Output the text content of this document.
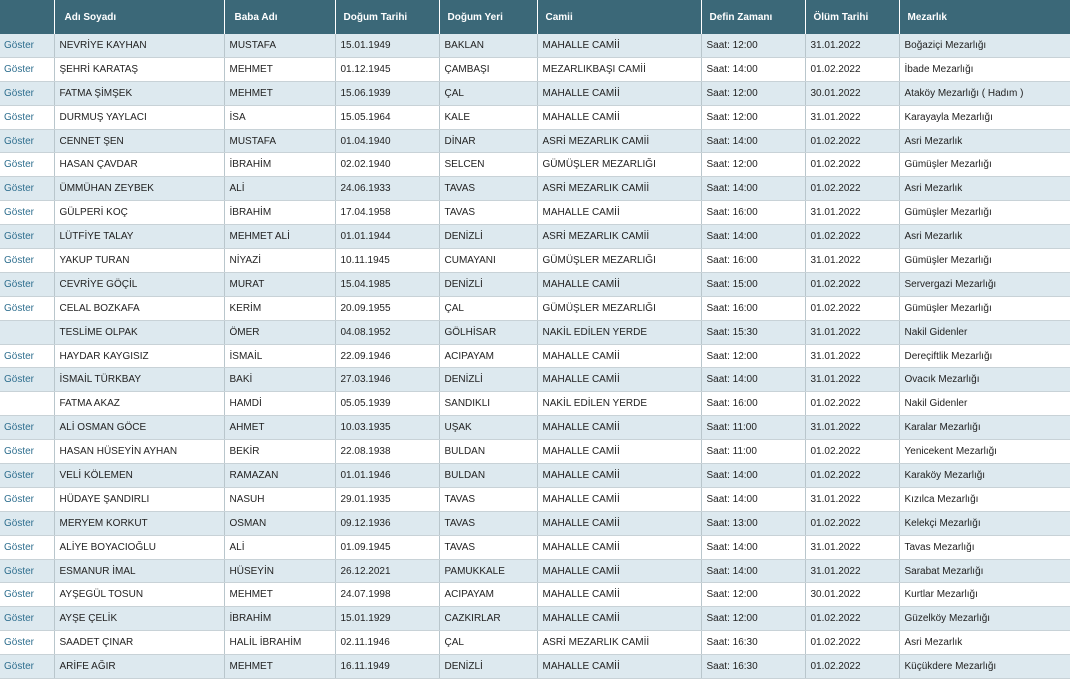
	Adı Soyadı	Baba Adı	Doğum Tarihi	Doğum Yeri	Camii	Defin Zamanı	Ölüm Tarihi	Mezarlık
Göster	NEVRİYE KAYHAN	MUSTAFA	15.01.1949	BAKLAN	MAHALLE CAMİİ	Saat: 12:00	31.01.2022	Boğaziçi Mezarlığı
Göster	ŞEHRİ KARATAŞ	MEHMET	01.12.1945	ÇAMBAŞI	MEZARLIKBAŞI CAMİİ	Saat: 14:00	01.02.2022	İbade Mezarlığı
Göster	FATMA ŞİMŞEK	MEHMET	15.06.1939	ÇAL	MAHALLE CAMİİ	Saat: 12:00	30.01.2022	Ataköy Mezarlığı ( Hadım )
Göster	DURMUŞ YAYLACI	İSA	15.05.1964	KALE	MAHALLE CAMİİ	Saat: 12:00	31.01.2022	Karayayla Mezarlığı
Göster	CENNET ŞEN	MUSTAFA	01.04.1940	DİNAR	ASRİ MEZARLIK CAMİİ	Saat: 14:00	01.02.2022	Asri Mezarlık
Göster	HASAN ÇAVDAR	İBRAHİM	02.02.1940	SELCEN	GÜMÜŞLER MEZARLIĞI	Saat: 12:00	01.02.2022	Gümüşler Mezarlığı
Göster	ÜMMÜHAN ZEYBEK	ALİ	24.06.1933	TAVAS	ASRİ MEZARLIK CAMİİ	Saat: 14:00	01.02.2022	Asri Mezarlık
Göster	GÜLPERİ KOÇ	İBRAHİM	17.04.1958	TAVAS	MAHALLE CAMİİ	Saat: 16:00	31.01.2022	Gümüşler Mezarlığı
Göster	LÜTFİYE TALAY	MEHMET ALİ	01.01.1944	DENİZLİ	ASRİ MEZARLIK CAMİİ	Saat: 14:00	01.02.2022	Asri Mezarlık
Göster	YAKUP TURAN	NİYAZİ	10.11.1945	CUMAYANI	GÜMÜŞLER MEZARLIĞI	Saat: 16:00	31.01.2022	Gümüşler Mezarlığı
Göster	CEVRİYE GÖÇİL	MURAT	15.04.1985	DENİZLİ	MAHALLE CAMİİ	Saat: 15:00	01.02.2022	Servergazi Mezarlığı
Göster	CELAL BOZKAFA	KERİM	20.09.1955	ÇAL	GÜMÜŞLER MEZARLIĞI	Saat: 16:00	01.02.2022	Gümüşler Mezarlığı
	TESLİME OLPAK	ÖMER	04.08.1952	GÖLHİSAR	NAKİL EDİLEN YERDE	Saat: 15:30	31.01.2022	Nakil Gidenler
Göster	HAYDAR KAYGISIZ	İSMAİL	22.09.1946	ACIPAYAM	MAHALLE CAMİİ	Saat: 12:00	31.01.2022	Dereçiftlik Mezarlığı
Göster	İSMAİL TÜRKBAY	BAKİ	27.03.1946	DENİZLİ	MAHALLE CAMİİ	Saat: 14:00	31.01.2022	Ovacık Mezarlığı
	FATMA AKAZ	HAMDİ	05.05.1939	SANDIKLI	NAKİL EDİLEN YERDE	Saat: 16:00	01.02.2022	Nakil Gidenler
Göster	ALİ OSMAN GÖCE	AHMET	10.03.1935	UŞAK	MAHALLE CAMİİ	Saat: 11:00	31.01.2022	Karalar Mezarlığı
Göster	HASAN HÜSEYİN AYHAN	BEKİR	22.08.1938	BULDAN	MAHALLE CAMİİ	Saat: 11:00	01.02.2022	Yenicekent Mezarlığı
Göster	VELİ KÖLEMEN	RAMAZAN	01.01.1946	BULDAN	MAHALLE CAMİİ	Saat: 14:00	01.02.2022	Karaköy Mezarlığı
Göster	HÜDAYE ŞANDIRLI	NASUH	29.01.1935	TAVAS	MAHALLE CAMİİ	Saat: 14:00	31.01.2022	Kızılca Mezarlığı
Göster	MERYEM KORKUT	OSMAN	09.12.1936	TAVAS	MAHALLE CAMİİ	Saat: 13:00	01.02.2022	Kelekçi Mezarlığı
Göster	ALİYE BOYACIOĞLU	ALİ	01.09.1945	TAVAS	MAHALLE CAMİİ	Saat: 14:00	31.01.2022	Tavas Mezarlığı
Göster	ESMANUR İMAL	HÜSEYİN	26.12.2021	PAMUKKALE	MAHALLE CAMİİ	Saat: 14:00	31.01.2022	Sarabat Mezarlığı
Göster	AYŞEGÜL TOSUN	MEHMET	24.07.1998	ACIPAYAM	MAHALLE CAMİİ	Saat: 12:00	30.01.2022	Kurtlar Mezarlığı
Göster	AYŞE ÇELİK	İBRAHİM	15.01.1929	CAZKIRLAR	MAHALLE CAMİİ	Saat: 12:00	01.02.2022	Güzelköy Mezarlığı
Göster	SAADET ÇINAR	HALİL İBRAHİM	02.11.1946	ÇAL	ASRİ MEZARLIK CAMİİ	Saat: 16:30	01.02.2022	Asri Mezarlık
Göster	ARİFE AĞIR	MEHMET	16.11.1949	DENİZLİ	MAHALLE CAMİİ	Saat: 16:30	01.02.2022	Küçükdere Mezarlığı
